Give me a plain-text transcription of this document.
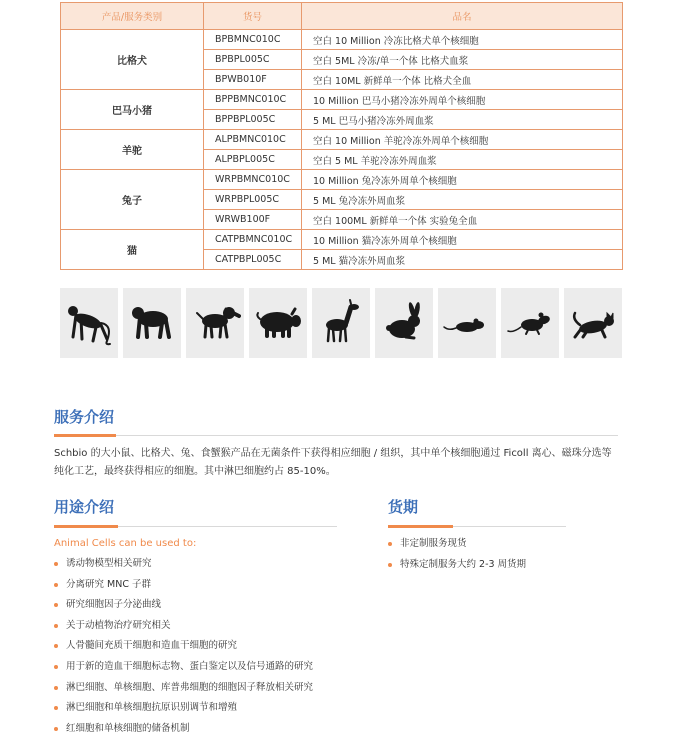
产品/服务类别	货号	品名
比格犬	BPBMNC010C	空白 10 Million 冷冻比格犬单个核细胞
	BPBPL005C	空白 5ML 冷冻/单一个体 比格犬血浆
	BPWB010F	空白 10ML 新鲜单一个体 比格犬全血
巴马小猪	BPPBMNC010C	10 Million 巴马小猪冷冻外周单个核细胞
	BPPBPL005C	5 ML 巴马小猪冷冻外周血浆
羊驼	ALPBMNC010C	空白 10 Million 羊驼冷冻外周单个核细胞
	ALPBPL005C	空白 5 ML 羊驼冷冻外周血浆
兔子	WRPBMNC010C	10 Million 兔冷冻外周单个核细胞
	WRPBPL005C	5 ML 兔冷冻外周血浆
	WRWB100F	空白 100ML 新鲜单一个体 实验兔全血
猫	CATPBMNC010C	10 Million 猫冷冻外周单个核细胞
	CATPBPL005C	5 ML 猫冷冻外周血浆
服务介绍

Schbio 的大小鼠、比格犬、兔、食蟹猴产品在无菌条件下获得相应细胞 / 组织，其中单个核细胞通过 Ficoll 离心、磁珠分选等纯化工艺，最终获得相应的细胞。其中淋巴细胞约占 85-10%。

用途介绍
Animal Cells can be used to:
诱动物模型相关研究
分离研究 MNC 子群
研究细胞因子分泌曲线
关于动植物治疗研究相关
人骨髓间充质干细胞和造血干细胞的研究
用于新的造血干细胞标志物、蛋白鉴定以及信号通路的研究
淋巴细胞、单核细胞、库普弗细胞的细胞因子释放相关研究
淋巴细胞和单核细胞抗原识别调节和增殖
红细胞和单核细胞的储备机制
货期
非定制服务现货
特殊定制服务大约 2-3 周货期
